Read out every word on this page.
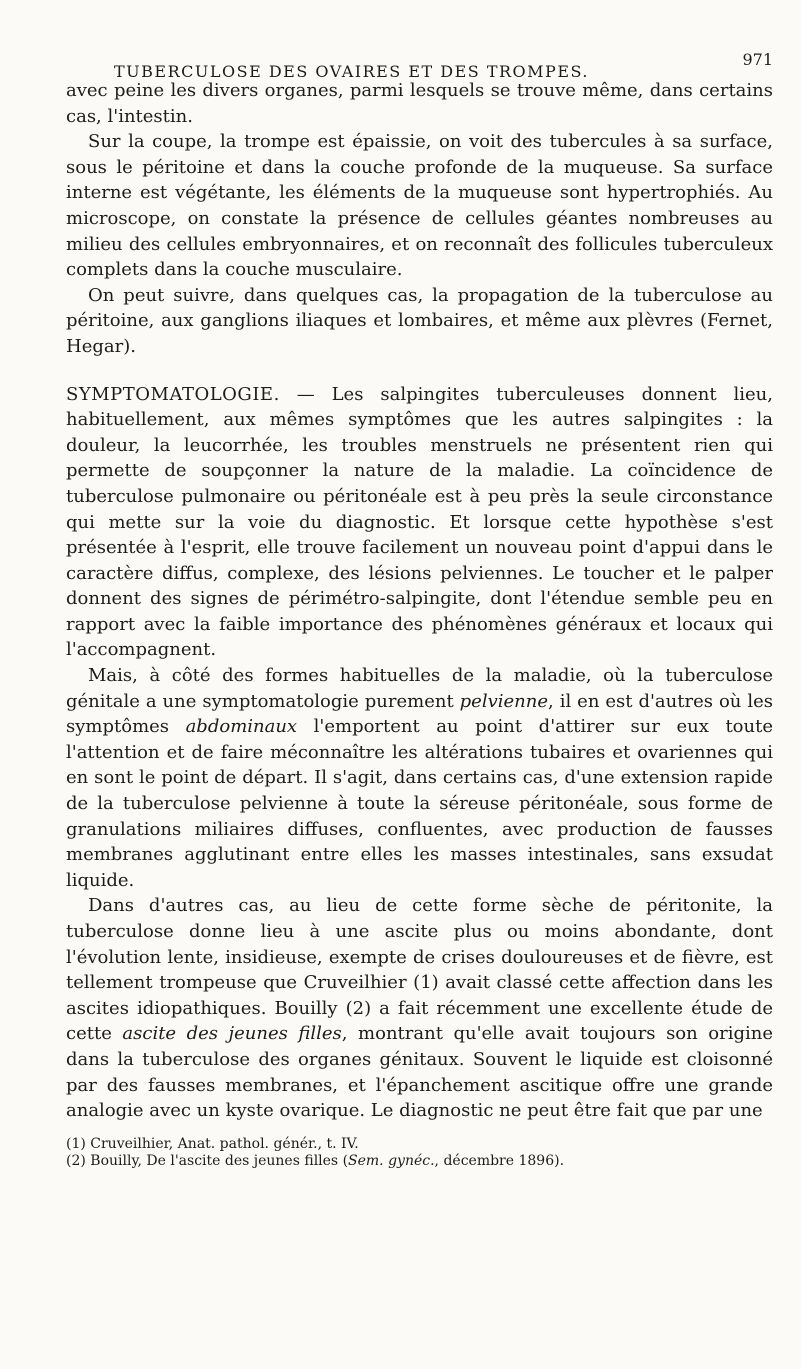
TUBERCULOSE DES OVAIRES ET DES TROMPES.
971

avec peine les divers organes, parmi lesquels se trouve même, dans certains cas, l'intestin.

Sur la coupe, la trompe est épaissie, on voit des tubercules à sa surface, sous le péritoine et dans la couche profonde de la muqueuse. Sa surface interne est végétante, les éléments de la muqueuse sont hypertrophiés. Au microscope, on constate la présence de cellules géantes nombreuses au milieu des cellules embryonnaires, et on reconnaît des follicules tuberculeux complets dans la couche musculaire.

On peut suivre, dans quelques cas, la propagation de la tuberculose au péritoine, aux ganglions iliaques et lombaires, et même aux plèvres (Fernet, Hegar).

SYMPTOMATOLOGIE. — Les salpingites tuberculeuses donnent lieu, habituellement, aux mêmes symptômes que les autres salpingites : la douleur, la leucorrhée, les troubles menstruels ne présentent rien qui permette de soupçonner la nature de la maladie. La coïncidence de tuberculose pulmonaire ou péritonéale est à peu près la seule circonstance qui mette sur la voie du diagnostic. Et lorsque cette hypothèse s'est présentée à l'esprit, elle trouve facilement un nouveau point d'appui dans le caractère diffus, complexe, des lésions pelviennes. Le toucher et le palper donnent des signes de périmétro-salpingite, dont l'étendue semble peu en rapport avec la faible importance des phénomènes généraux et locaux qui l'accompagnent.

Mais, à côté des formes habituelles de la maladie, où la tuberculose génitale a une symptomatologie purement pelvienne, il en est d'autres où les symptômes abdominaux l'emportent au point d'attirer sur eux toute l'attention et de faire méconnaître les altérations tubaires et ovariennes qui en sont le point de départ. Il s'agit, dans certains cas, d'une extension rapide de la tuberculose pelvienne à toute la séreuse péritonéale, sous forme de granulations miliaires diffuses, confluentes, avec production de fausses membranes agglutinant entre elles les masses intestinales, sans exsudat liquide.

Dans d'autres cas, au lieu de cette forme sèche de péritonite, la tuberculose donne lieu à une ascite plus ou moins abondante, dont l'évolution lente, insidieuse, exempte de crises douloureuses et de fièvre, est tellement trompeuse que Cruveilhier (1) avait classé cette affection dans les ascites idiopathiques. Bouilly (2) a fait récemment une excellente étude de cette ascite des jeunes filles, montrant qu'elle avait toujours son origine dans la tuberculose des organes génitaux. Souvent le liquide est cloisonné par des fausses membranes, et l'épanchement ascitique offre une grande analogie avec un kyste ovarique. Le diagnostic ne peut être fait que par une

(1) Cruveilhier, Anat. pathol. génér., t. IV.

(2) Bouilly, De l'ascite des jeunes filles (Sem. gynéc., décembre 1896).
